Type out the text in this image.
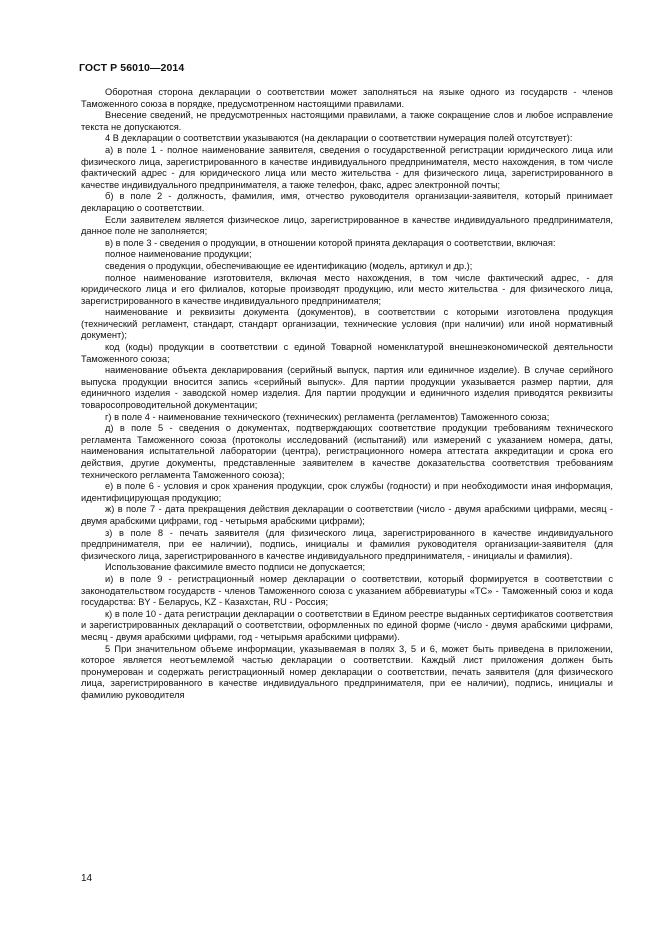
ГОСТ Р 56010—2014

Оборотная сторона декларации о соответствии может заполняться на языке одного из государств - членов Таможенного союза в порядке, предусмотренном настоящими правилами.

Внесение сведений, не предусмотренных настоящими правилами, а также сокращение слов и любое исправление текста не допускаются.

4 В декларации о соответствии указываются (на декларации о соответствии нумерация полей отсутствует):

а) в поле 1 - полное наименование заявителя, сведения о государственной регистрации юридического лица или физического лица, зарегистрированного в качестве индивидуального предпринимателя, место нахождения, в том числе фактический адрес - для юридического лица или место жительства - для физического лица, зарегистрированного в качестве индивидуального предпринимателя, а также телефон, факс, адрес электронной почты;

б) в поле 2 - должность, фамилия, имя, отчество руководителя организации-заявителя, который принимает декларацию о соответствии.

Если заявителем является физическое лицо, зарегистрированное в качестве индивидуального предпринимателя, данное поле не заполняется;

в) в поле 3 - сведения о продукции, в отношении которой принята декларация о соответствии, включая:

полное наименование продукции;

сведения о продукции, обеспечивающие ее идентификацию (модель, артикул и др.);

полное наименование изготовителя, включая место нахождения, в том числе фактический адрес, - для юридического лица и его филиалов, которые производят продукцию, или место жительства - для физического лица, зарегистрированного в качестве индивидуального предпринимателя;

наименование и реквизиты документа (документов), в соответствии с которыми изготовлена продукция (технический регламент, стандарт, стандарт организации, технические условия (при наличии) или иной нормативный документ);

код (коды) продукции в соответствии с единой Товарной номенклатурой внешнеэкономической деятельности Таможенного союза;

наименование объекта декларирования (серийный выпуск, партия или единичное изделие). В случае серийного выпуска продукции вносится запись «серийный выпуск». Для партии продукции указывается размер партии, для единичного изделия - заводской номер изделия. Для партии продукции и единичного изделия приводятся реквизиты товаросопроводительной документации;

г) в поле 4 - наименование технического (технических) регламента (регламентов) Таможенного союза;

д) в поле 5 - сведения о документах, подтверждающих соответствие продукции требованиям технического регламента Таможенного союза (протоколы исследований (испытаний) или измерений с указанием номера, даты, наименования испытательной лаборатории (центра), регистрационного номера аттестата аккредитации и срока его действия, другие документы, представленные заявителем в качестве доказательства соответствия требованиям технического регламента Таможенного союза);

е) в поле 6 - условия и срок хранения продукции, срок службы (годности) и при необходимости иная информация, идентифицирующая продукцию;

ж) в поле 7 - дата прекращения действия декларации о соответствии (число - двумя арабскими цифрами, месяц - двумя арабскими цифрами, год - четырьмя арабскими цифрами);

з) в поле 8 - печать заявителя (для физического лица, зарегистрированного в качестве индивидуального предпринимателя, при ее наличии), подпись, инициалы и фамилия руководителя организации-заявителя (для физического лица, зарегистрированного в качестве индивидуального предпринимателя, - инициалы и фамилия).

Использование факсимиле вместо подписи не допускается;

и) в поле 9 - регистрационный номер декларации о соответствии, который формируется в соответствии с законодательством государств - членов Таможенного союза с указанием аббревиатуры «ТС» - Таможенный союз и кода государства: BY - Беларусь, KZ - Казахстан, RU - Россия;

к) в поле 10 - дата регистрации декларации о соответствии в Едином реестре выданных сертификатов соответствия и зарегистрированных деклараций о соответствии, оформленных по единой форме (число - двумя арабскими цифрами, месяц - двумя арабскими цифрами, год - четырьмя арабскими цифрами).

5 При значительном объеме информации, указываемая в полях 3, 5 и 6, может быть приведена в приложении, которое является неотъемлемой частью декларации о соответствии. Каждый лист приложения должен быть пронумерован и содержать регистрационный номер декларации о соответствии, печать заявителя (для физического лица, зарегистрированного в качестве индивидуального предпринимателя, при ее наличии), подпись, инициалы и фамилию руководителя

14
